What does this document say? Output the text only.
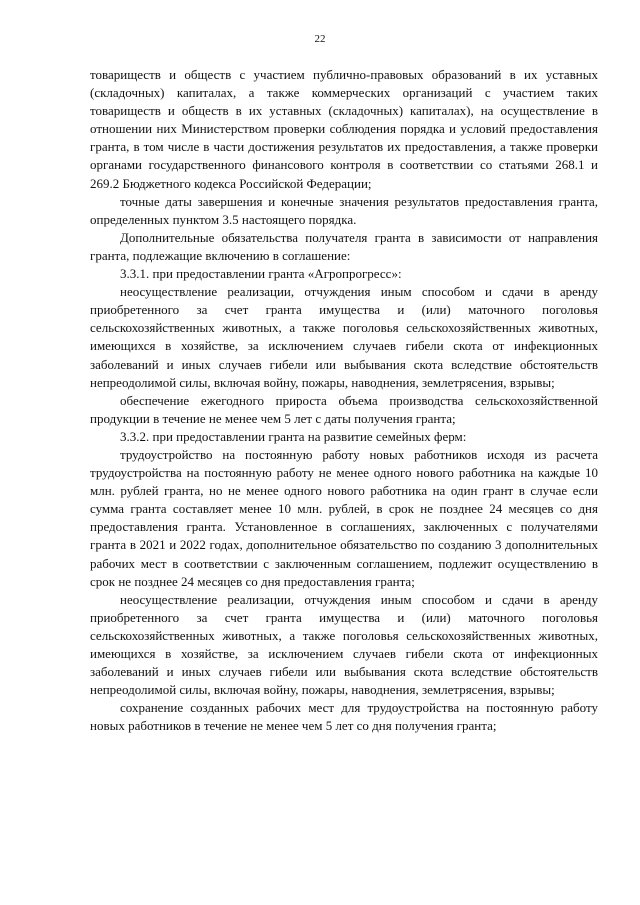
22

товариществ и обществ с участием публично-правовых образований в их уставных (складочных) капиталах, а также коммерческих организаций с участием таких товариществ и обществ в их уставных (складочных) капиталах), на осуществление в отношении них Министерством проверки соблюдения порядка и условий предоставления гранта, в том числе в части достижения результатов их предоставления, а также проверки органами государственного финансового контроля в соответствии со статьями 268.1 и 269.2 Бюджетного кодекса Российской Федерации;

точные даты завершения и конечные значения результатов предоставления гранта, определенных пунктом 3.5 настоящего порядка.

Дополнительные обязательства получателя гранта в зависимости от направления гранта, подлежащие включению в соглашение:

3.3.1. при предоставлении гранта «Агропрогресс»:

неосуществление реализации, отчуждения иным способом и сдачи в аренду приобретенного за счет гранта имущества и (или) маточного поголовья сельскохозяйственных животных, а также поголовья сельскохозяйственных животных, имеющихся в хозяйстве, за исключением случаев гибели скота от инфекционных заболеваний и иных случаев гибели или выбывания скота вследствие обстоятельств непреодолимой силы, включая войну, пожары, наводнения, землетрясения, взрывы;

обеспечение ежегодного прироста объема производства сельскохозяйственной продукции в течение не менее чем 5 лет с даты получения гранта;

3.3.2. при предоставлении гранта на развитие семейных ферм:

трудоустройство на постоянную работу новых работников исходя из расчета трудоустройства на постоянную работу не менее одного нового работника на каждые 10 млн. рублей гранта, но не менее одного нового работника на один грант в случае если сумма гранта составляет менее 10 млн. рублей, в срок не позднее 24 месяцев со дня предоставления гранта. Установленное в соглашениях, заключенных с получателями гранта в 2021 и 2022 годах, дополнительное обязательство по созданию 3 дополнительных рабочих мест в соответствии с заключенным соглашением, подлежит осуществлению в срок не позднее 24 месяцев со дня предоставления гранта;

неосуществление реализации, отчуждения иным способом и сдачи в аренду приобретенного за счет гранта имущества и (или) маточного поголовья сельскохозяйственных животных, а также поголовья сельскохозяйственных животных, имеющихся в хозяйстве, за исключением случаев гибели скота от инфекционных заболеваний и иных случаев гибели или выбывания скота вследствие обстоятельств непреодолимой силы, включая войну, пожары, наводнения, землетрясения, взрывы;

сохранение созданных рабочих мест для трудоустройства на постоянную работу новых работников в течение не менее чем 5 лет со дня получения гранта;
